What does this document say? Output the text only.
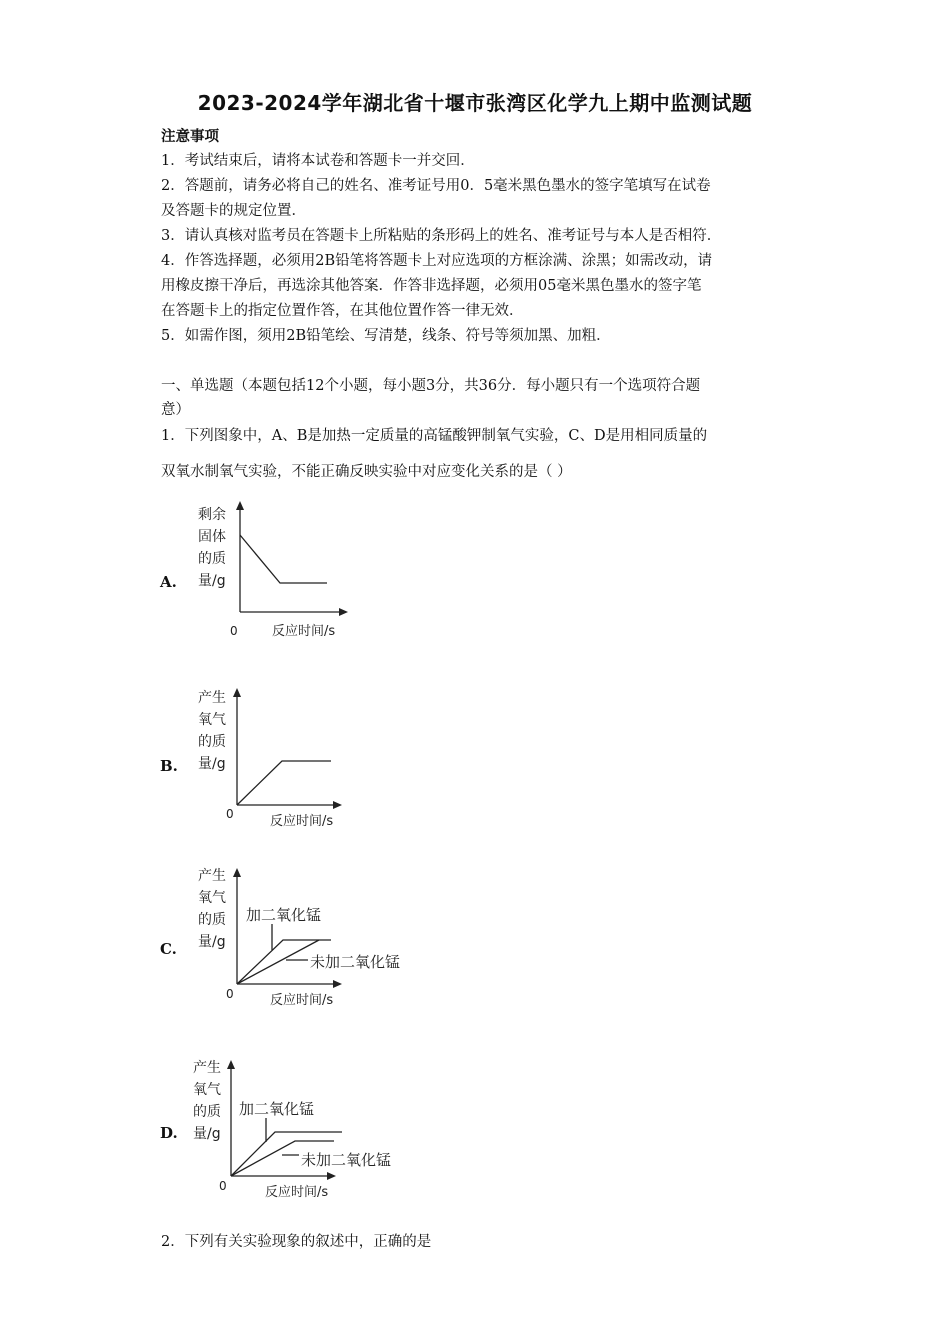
2023-2024学年湖北省十堰市张湾区化学九上期中监测试题
注意事项
1．考试结束后，请将本试卷和答题卡一并交回．
2．答题前，请务必将自己的姓名、准考证号用0．5毫米黑色墨水的签字笔填写在试卷
及答题卡的规定位置．
3．请认真核对监考员在答题卡上所粘贴的条形码上的姓名、准考证号与本人是否相符．
4．作答选择题，必须用2B铅笔将答题卡上对应选项的方框涂满、涂黑；如需改动，请
用橡皮擦干净后，再选涂其他答案．作答非选择题，必须用05毫米黑色墨水的签字笔
在答题卡上的指定位置作答，在其他位置作答一律无效．
5．如需作图，须用2B铅笔绘、写清楚，线条、符号等须加黑、加粗．
一、单选题（本题包括12个小题，每小题3分，共36分．每小题只有一个选项符合题
意）
1．下列图象中，A、B是加热一定质量的高锰酸钾制氧气实验，C、D是用相同质量的
双氧水制氧气实验，不能正确反映实验中对应变化关系的是（ ）
A.
剩余
固体
的质
量/g
0	反应时间/s
B.
产生
氧气
的质
量/g
0	反应时间/s
C.
产生
氧气
的质
量/g
0	反应时间/s
加二氧化锰
未加二氧化锰
D.
产生
氧气
的质
量/g
0	反应时间/s
加二氧化锰
未加二氧化锰
2．下列有关实验现象的叙述中，正确的是
